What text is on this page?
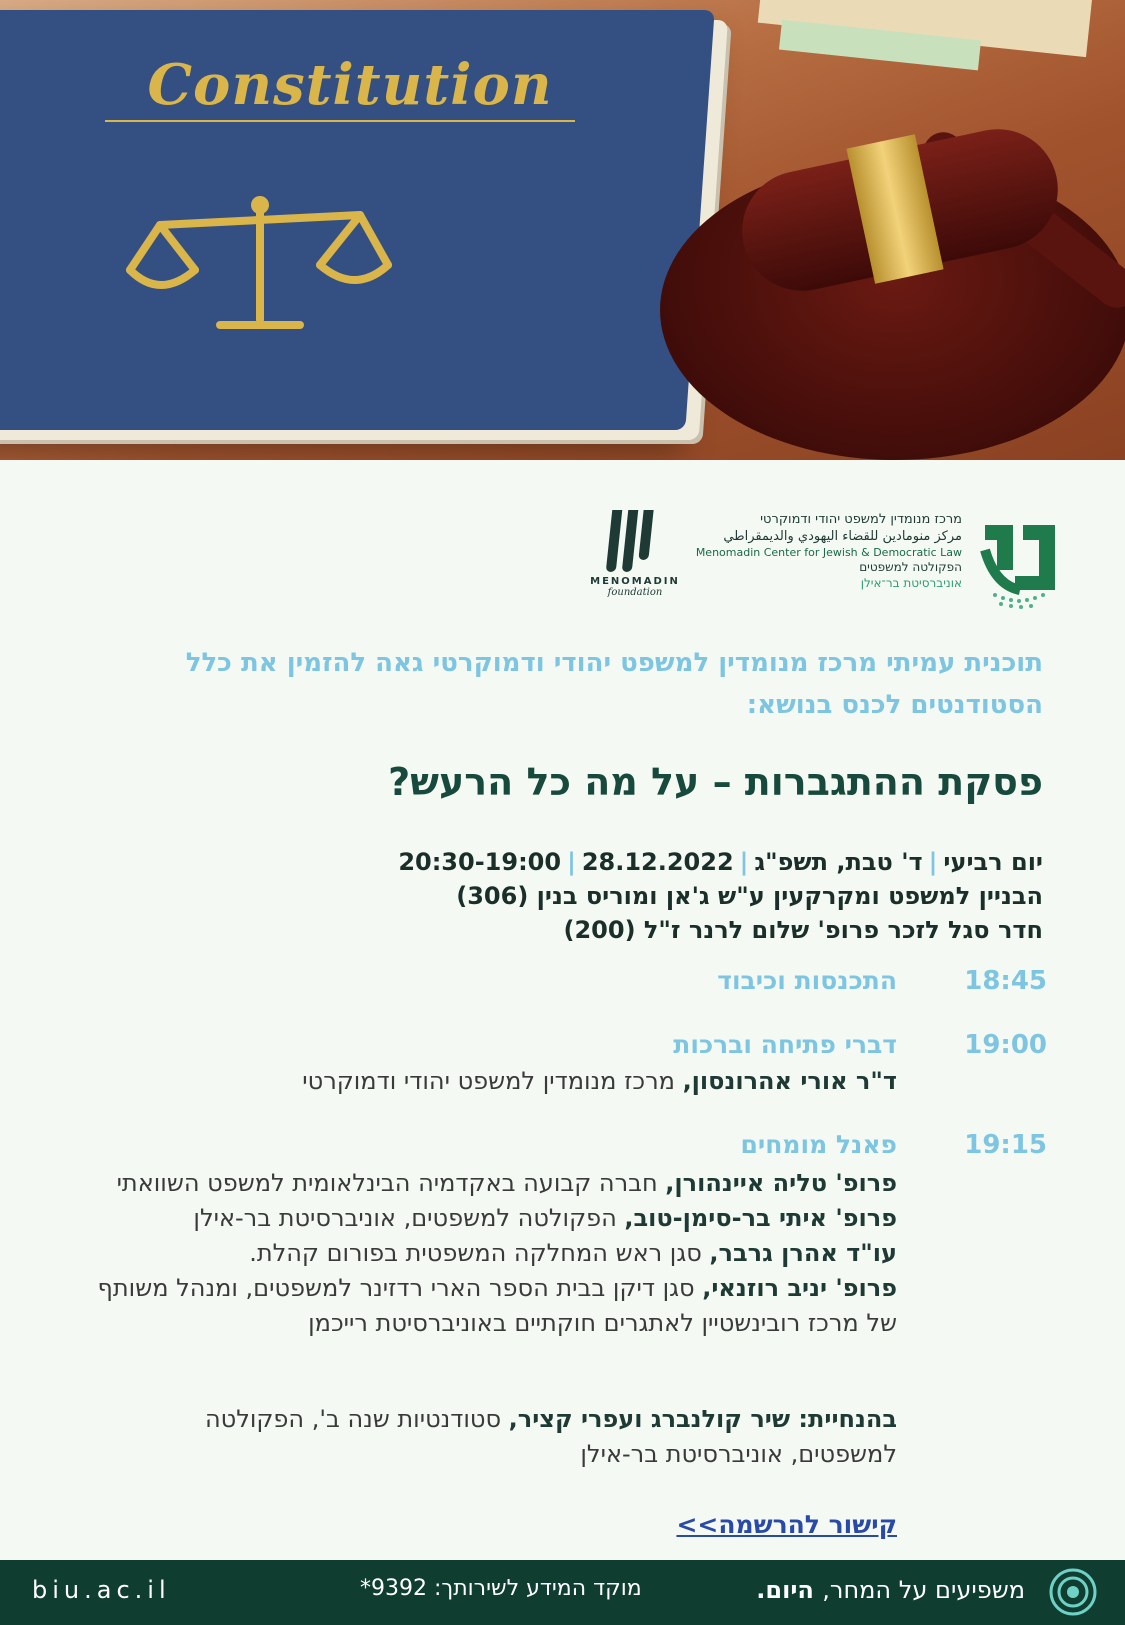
Constitution
MENOMADIN
foundation
מרכז מנומדין למשפט יהודי ודמוקרטי
مركز منومادين للقضاء اليهودي والديمقراطي
Menomadin Center for Jewish & Democratic Law
הפקולטה למשפטים
אוניברסיטת בר־אילן
תוכנית עמיתי מרכז מנומדין למשפט יהודי ודמוקרטי גאה להזמין את כלל הסטודנטים לכנס בנושא:
פסקת ההתגברות – על מה כל הרעש?
יום רביעי|ד' טבת, תשפ"ג|28.12.2022|20:30-19:00
הבניין למשפט ומקרקעין ע"ש ג'אן ומוריס בנין (306)
חדר סגל לזכר פרופ' שלום לרנר ז"ל (200)
18:45
התכנסות וכיבוד
19:00
דברי פתיחה וברכות
ד"ר אורי אהרונסון, מרכז מנומדין למשפט יהודי ודמוקרטי
19:15
פאנל מומחים
פרופ' טליה איינהורן, חברה קבועה באקדמיה הבינלאומית למשפט השוואתי
פרופ' איתי בר-סימן-טוב, הפקולטה למשפטים, אוניברסיטת בר-אילן
עו"ד אהרן גרבר, סגן ראש המחלקה המשפטית בפורום קהלת.
פרופ' יניב רוזנאי, סגן דיקן בבית הספר הארי רדזינר למשפטים, ומנהל משותף של מרכז רובינשטיין לאתגרים חוקתיים באוניברסיטת רייכמן
בהנחיית: שיר קולנברג ועפרי קציר, סטודנטיות שנה ב', הפקולטה למשפטים, אוניברסיטת בר-אילן
קישור להרשמה>>
biu.ac.il	מוקד המידע לשירותך: 9392*	משפיעים על המחר, היום.
